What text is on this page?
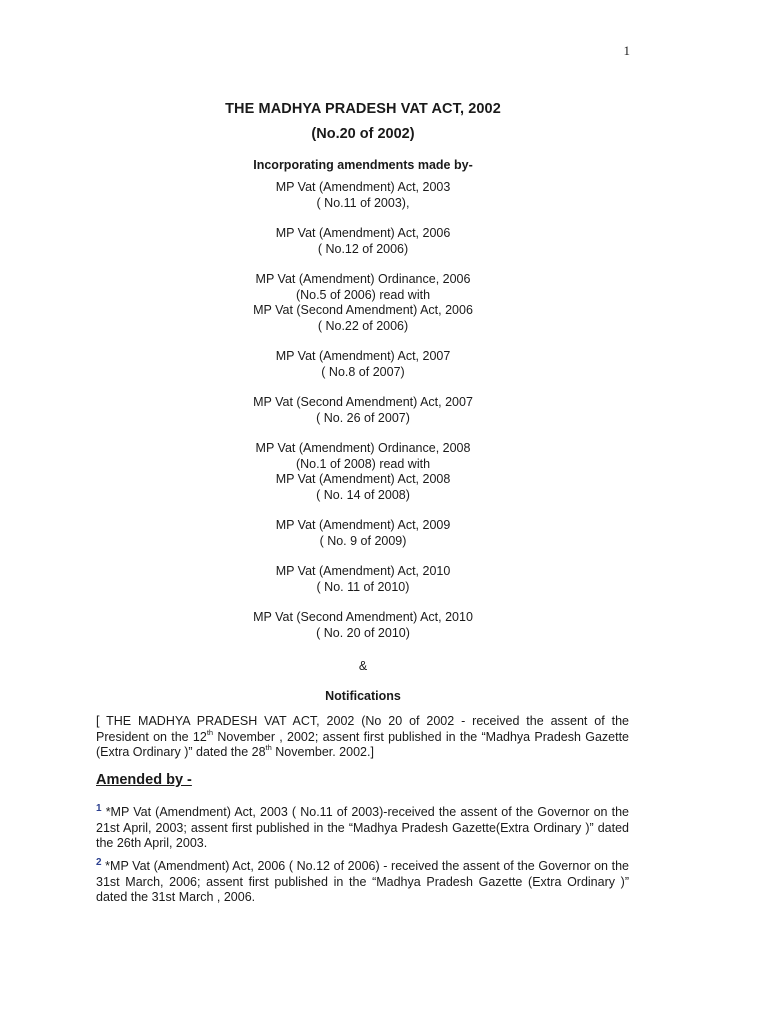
1
THE MADHYA PRADESH VAT ACT, 2002
(No.20 of 2002)
Incorporating amendments made by-
MP Vat (Amendment) Act, 2003
( No.11 of 2003),
MP Vat (Amendment) Act, 2006
( No.12 of 2006)
MP Vat (Amendment) Ordinance, 2006
(No.5 of 2006) read with
MP Vat (Second Amendment) Act, 2006
( No.22 of 2006)
MP Vat (Amendment) Act, 2007
( No.8 of 2007)
MP Vat (Second Amendment) Act, 2007
( No. 26 of 2007)
MP Vat (Amendment) Ordinance, 2008
(No.1 of 2008) read with
MP Vat (Amendment) Act, 2008
( No. 14 of 2008)
MP Vat (Amendment) Act, 2009
( No. 9 of 2009)
MP Vat (Amendment) Act, 2010
( No. 11 of 2010)
MP Vat (Second Amendment) Act, 2010
( No. 20 of 2010)
&
Notifications
[ THE MADHYA PRADESH VAT ACT, 2002 (No 20 of 2002 - received the assent of the President on the 12th November , 2002; assent first published in the “Madhya Pradesh Gazette (Extra Ordinary )” dated the 28th November. 2002.]
Amended by -
$^1$ *MP Vat (Amendment) Act, 2003 ( No.11 of 2003)-received the assent of the Governor on the 21st April, 2003; assent first published in the “Madhya Pradesh Gazette(Extra Ordinary )” dated the 26th April, 2003.
$^2$ *MP Vat (Amendment) Act, 2006 ( No.12 of 2006) - received the assent of the Governor on the 31st March, 2006; assent first published in the “Madhya Pradesh Gazette (Extra Ordinary )” dated the 31st March , 2006.
